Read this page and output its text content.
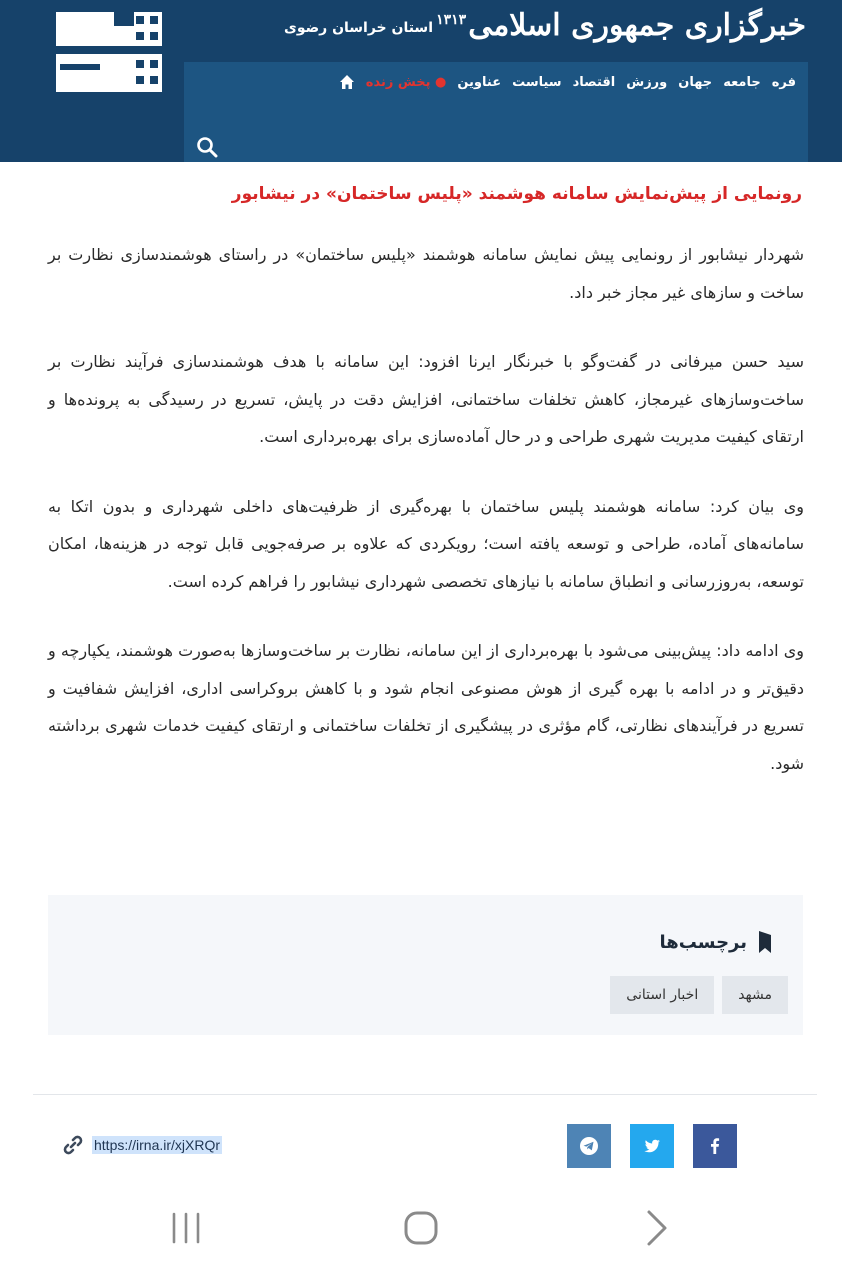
خبرگزاری جمهوری اسلامی$^{۱۳۱۳}$
استان خراسان رضوی
● پخش زنده عناوین سیاست اقتصاد ورزش جهان جامعه فره
رونمایی از پیش‌نمایش سامانه هوشمند «پلیس ساختمان» در نیشابور

شهردار نیشابور از رونمایی پیش نمایش سامانه هوشمند «پلیس ساختمان» در راستای هوشمندسازی نظارت بر ساخت و سازهای غیر مجاز خبر داد.

سید حسن میرفانی در گفت‌وگو با خبرنگار ایرنا افزود: این سامانه با هدف هوشمندسازی فرآیند نظارت بر ساخت‌وسازهای غیرمجاز، کاهش تخلفات ساختمانی، افزایش دقت در پایش، تسریع در رسیدگی به پرونده‌ها و ارتقای کیفیت مدیریت شهری طراحی و در حال آماده‌سازی برای بهره‌برداری است.

وی بیان کرد: سامانه هوشمند پلیس ساختمان با بهره‌گیری از ظرفیت‌های داخلی شهرداری و بدون اتکا به سامانه‌های آماده، طراحی و توسعه یافته است؛ رویکردی که علاوه بر صرفه‌جویی قابل توجه در هزینه‌ها، امکان توسعه، به‌روزرسانی و انطباق سامانه با نیازهای تخصصی شهرداری نیشابور را فراهم کرده است.

وی ادامه داد: پیش‌بینی می‌شود با بهره‌برداری از این سامانه، نظارت بر ساخت‌وسازها به‌صورت هوشمند، یکپارچه و دقیق‌تر و در ادامه با بهره گیری از هوش مصنوعی انجام شود و با کاهش بروکراسی اداری، افزایش شفافیت و تسریع در فرآیندهای نظارتی، گام مؤثری در پیشگیری از تخلفات ساختمانی و ارتقای کیفیت خدمات شهری برداشته شود.

برچسب‌ها
مشهد
اخبار استانی
https://irna.ir/xjXRQr
